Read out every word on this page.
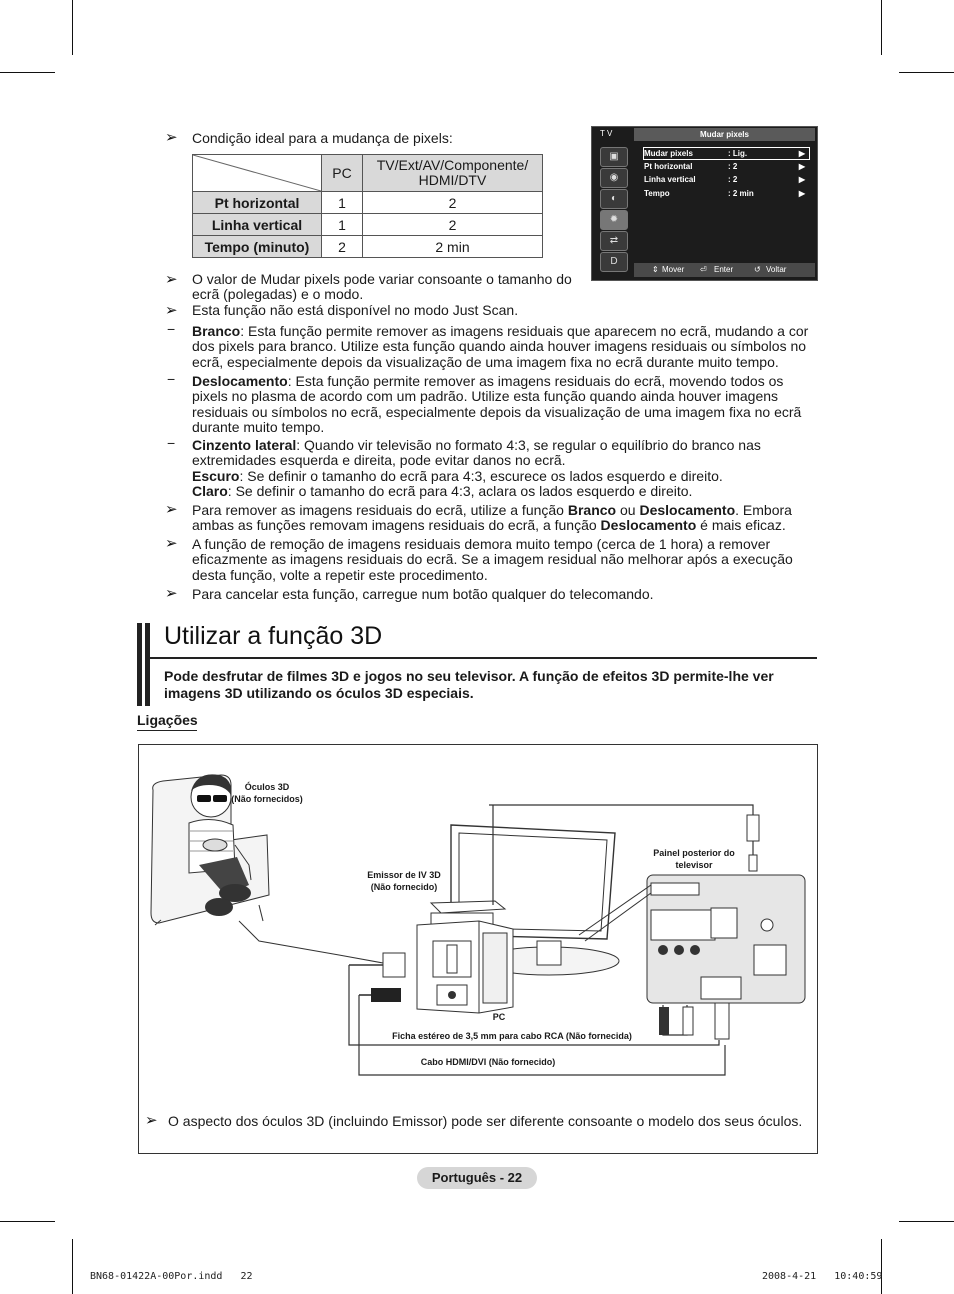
➢ Condição ideal para a mudança de pixels:
	PC	TV/Ext/AV/Componente/ HDMI/DTV
Pt horizontal	1	2
Linha vertical	1	2
Tempo (minuto)	2	2 min
T V	Mudar pixels
▣
◉
◐
✹
⇄
D
Mudar pixels	: Lig.	▶
Pt horizontal	: 2	▶
Linha vertical	: 2	▶
Tempo	: 2 min	▶
⇕ Mover ⏎ Enter	↺ Voltar
➢ O valor de Mudar pixels pode variar consoante o tamanho do ecrã (polegadas) e o modo.
➢ Esta função não está disponível no modo Just Scan.
− Branco: Esta função permite remover as imagens residuais que aparecem no ecrã, mudando a cor dos pixels para branco. Utilize esta função quando ainda houver imagens residuais ou símbolos no ecrã, especialmente depois da visualização de uma imagem fixa no ecrã durante muito tempo.
− Deslocamento: Esta função permite remover as imagens residuais do ecrã, movendo todos os pixels no plasma de acordo com um padrão. Utilize esta função quando ainda houver imagens residuais ou símbolos no ecrã, especialmente depois da visualização de uma imagem fixa no ecrã durante muito tempo.
− Cinzento lateral: Quando vir televisão no formato 4:3, se regular o equilíbrio do branco nas extremidades esquerda e direita, pode evitar danos no ecrã.
Escuro: Se definir o tamanho do ecrã para 4:3, escurece os lados esquerdo e direito.
Claro: Se definir o tamanho do ecrã para 4:3, aclara os lados esquerdo e direito.
➢ Para remover as imagens residuais do ecrã, utilize a função Branco ou Deslocamento. Embora ambas as funções removam imagens residuais do ecrã, a função Deslocamento é mais eficaz.
➢ A função de remoção de imagens residuais demora muito tempo (cerca de 1 hora) a remover eficazmente as imagens residuais do ecrã. Se a imagem residual não melhorar após a execução desta função, volte a repetir este procedimento.
➢ Para cancelar esta função, carregue num botão qualquer do telecomando.
Utilizar a função 3D
Pode desfrutar de filmes 3D e jogos no seu televisor. A função de efeitos 3D permite-lhe ver imagens 3D utilizando os óculos 3D especiais.
Ligações
Óculos 3D
(Não fornecidos)
Emissor de IV 3D
(Não fornecido)
Painel posterior do
televisor
PC
Ficha estéreo de 3,5 mm para cabo RCA (Não fornecida)
Cabo HDMI/DVI (Não fornecido)
➢ O aspecto dos óculos 3D (incluindo Emissor) pode ser diferente consoante o modelo dos seus óculos.
Português - 22
BN68-01422A-00Por.indd   22	2008-4-21   10:40:59
